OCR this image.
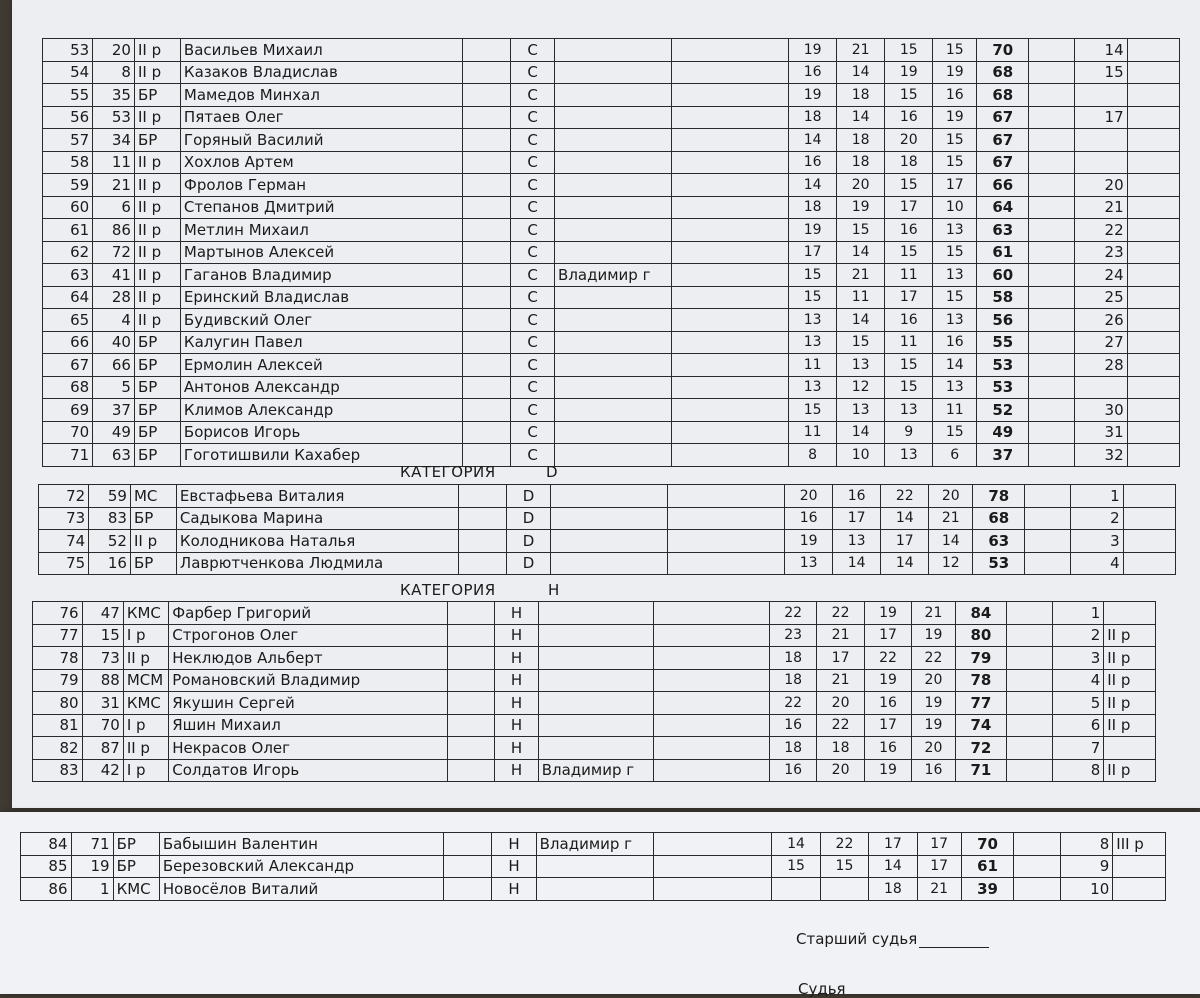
53	20	II р	Васильев Михаил		C			19	21	15	15	70		14	
54	8	II р	Казаков Владислав		C			16	14	19	19	68		15	
55	35	БР	Мамедов Минхал		C			19	18	15	16	68			
56	53	II р	Пятаев Олег		C			18	14	16	19	67		17	
57	34	БР	Горяный Василий		C			14	18	20	15	67			
58	11	II р	Хохлов Артем		C			16	18	18	15	67			
59	21	II р	Фролов Герман		C			14	20	15	17	66		20	
60	6	II р	Степанов Дмитрий		C			18	19	17	10	64		21	
61	86	II р	Метлин Михаил		C			19	15	16	13	63		22	
62	72	II р	Мартынов Алексей		C			17	14	15	15	61		23	
63	41	II р	Гаганов Владимир		C	Владимир г		15	21	11	13	60		24	
64	28	II р	Еринский Владислав		C			15	11	17	15	58		25	
65	4	II р	Будивский Олег		C			13	14	16	13	56		26	
66	40	БР	Калугин Павел		C			13	15	11	16	55		27	
67	66	БР	Ермолин Алексей		C			11	13	15	14	53		28	
68	5	БР	Антонов Александр		C			13	12	15	13	53			
69	37	БР	Климов Александр		C			15	13	13	11	52		30	
70	49	БР	Борисов Игорь		C			11	14	9	15	49		31	
71	63	БР	Гоготишвили Кахабер		C			8	10	13	6	37		32	
КАТЕГОРИЯ	D
72	59	МС	Евстафьева Виталия		D			20	16	22	20	78		1	
73	83	БР	Садыкова Марина		D			16	17	14	21	68		2	
74	52	II р	Колодникова Наталья		D			19	13	17	14	63		3	
75	16	БР	Лаврютченкова Людмила		D			13	14	14	12	53		4	
КАТЕГОРИЯ	H
76	47	КМС	Фарбер Григорий		Н			22	22	19	21	84		1	
77	15	I р	Строгонов Олег		Н			23	21	17	19	80		2	II р
78	73	II р	Неклюдов Альберт		Н			18	17	22	22	79		3	II р
79	88	МСМ	Романовский Владимир		Н			18	21	19	20	78		4	II р
80	31	КМС	Якушин Сергей		Н			22	20	16	19	77		5	II р
81	70	I р	Яшин Михаил		Н			16	22	17	19	74		6	II р
82	87	II р	Некрасов Олег		Н			18	18	16	20	72		7	
83	42	I р	Солдатов Игорь		Н	Владимир г		16	20	19	16	71		8	II р
84	71	БР	Бабышин Валентин		Н	Владимир г		14	22	17	17	70		8	III р
85	19	БР	Березовский Александр		Н			15	15	14	17	61		9	
86	1	КМС	Новосёлов Виталий		Н					18	21	39		10	
Старший судья
Судья
